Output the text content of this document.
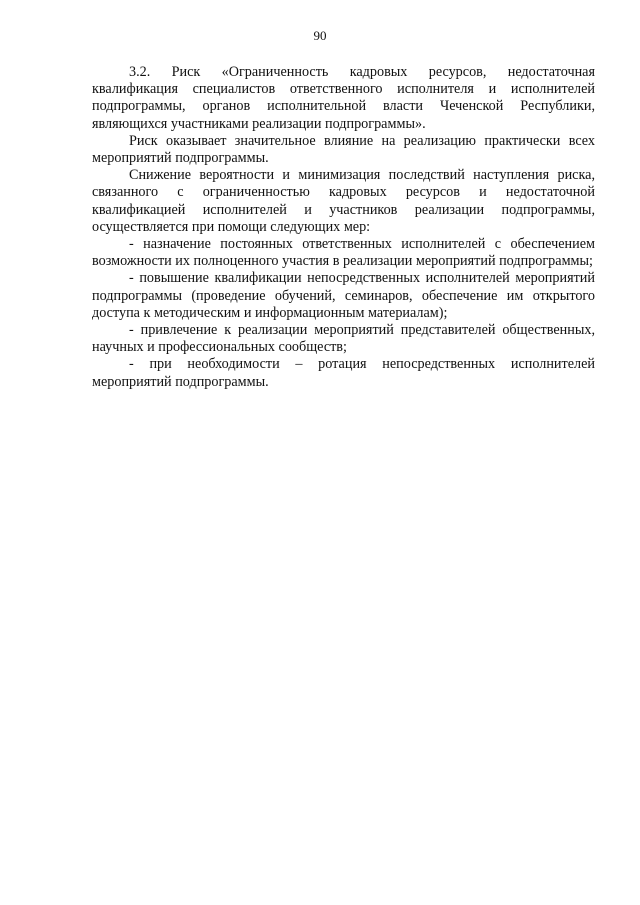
90

3.2. Риск «Ограниченность кадровых ресурсов, недостаточная квалификация специалистов ответственного исполнителя и исполнителей подпрограммы, органов исполнительной власти Чеченской Республики, являющихся участниками реализации подпрограммы».

Риск оказывает значительное влияние на реализацию практически всех мероприятий подпрограммы.

Снижение вероятности и минимизация последствий наступления риска, связанного с ограниченностью кадровых ресурсов и недостаточной квалификацией исполнителей и участников реализации подпрограммы, осуществляется при помощи следующих мер:

- назначение постоянных ответственных исполнителей с обеспечением возможности их полноценного участия в реализации мероприятий подпрограммы;

- повышение квалификации непосредственных исполнителей мероприятий подпрограммы (проведение обучений, семинаров, обеспечение им открытого доступа к методическим и информационным материалам);

- привлечение к реализации мероприятий представителей общественных, научных и профессиональных сообществ;

- при необходимости – ротация непосредственных исполнителей мероприятий подпрограммы.
